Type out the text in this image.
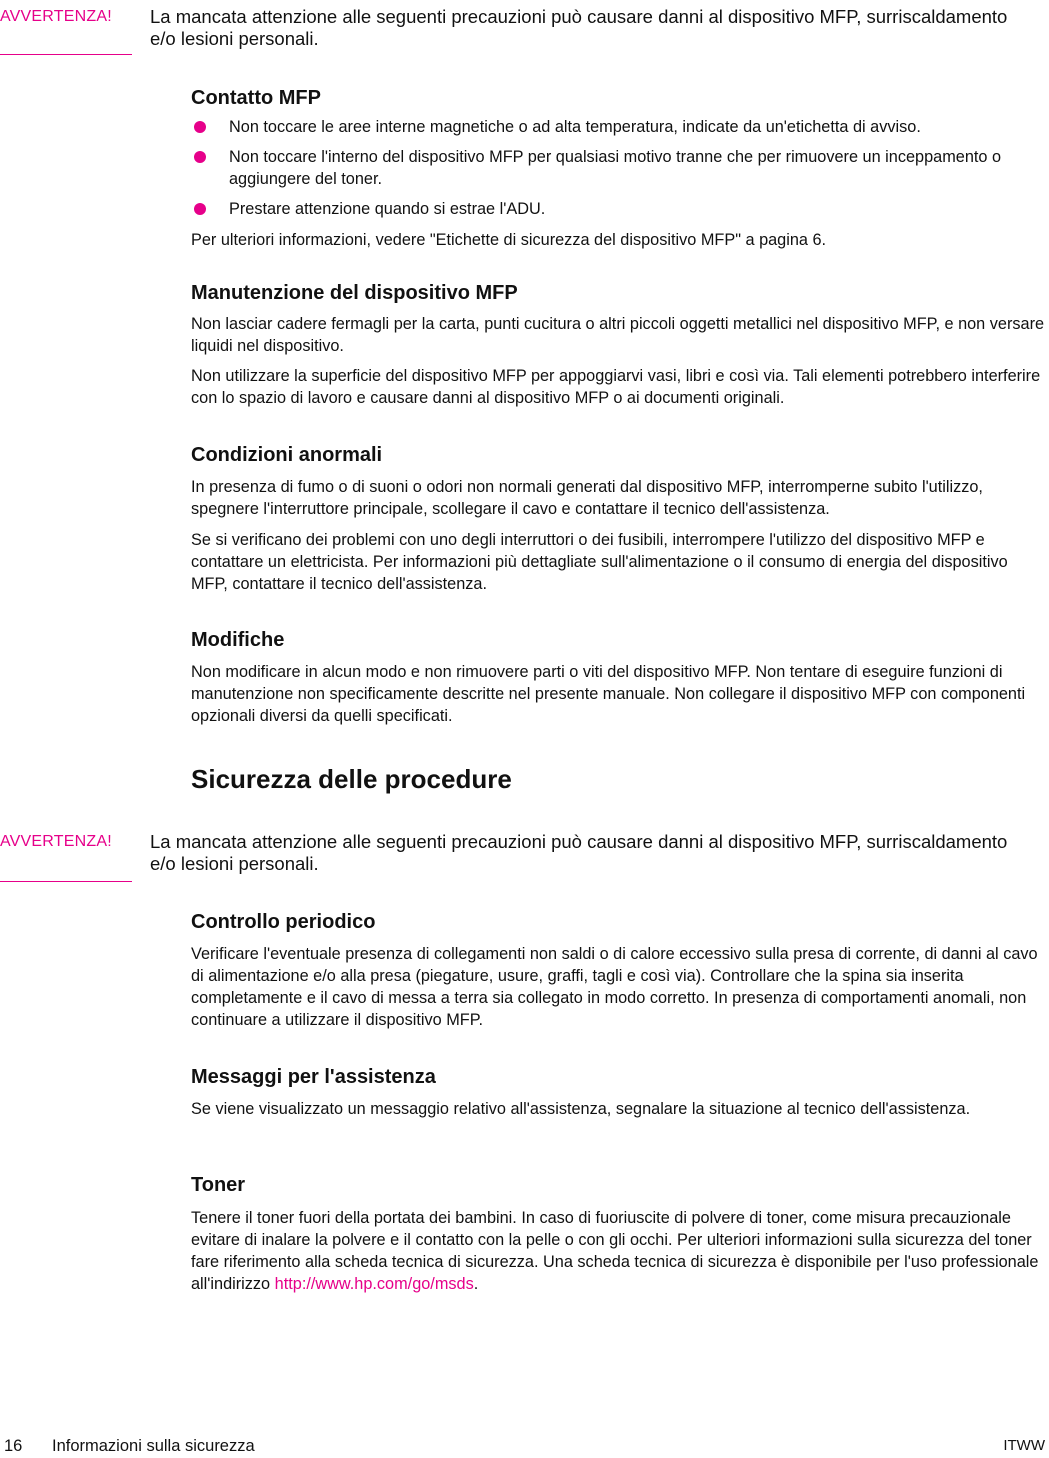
AVVERTENZA!	La mancata attenzione alle seguenti precauzioni può causare danni al dispositivo MFP, surriscaldamento e/o lesioni personali.
Contatto MFP
Non toccare le aree interne magnetiche o ad alta temperatura, indicate da un'etichetta di avviso.
Non toccare l'interno del dispositivo MFP per qualsiasi motivo tranne che per rimuovere un inceppamento o aggiungere del toner.
Prestare attenzione quando si estrae l'ADU.

Per ulteriori informazioni, vedere "Etichette di sicurezza del dispositivo MFP" a pagina 6.

Manutenzione del dispositivo MFP

Non lasciar cadere fermagli per la carta, punti cucitura o altri piccoli oggetti metallici nel dispositivo MFP, e non versare liquidi nel dispositivo.

Non utilizzare la superficie del dispositivo MFP per appoggiarvi vasi, libri e così via. Tali elementi potrebbero interferire con lo spazio di lavoro e causare danni al dispositivo MFP o ai documenti originali.

Condizioni anormali

In presenza di fumo o di suoni o odori non normali generati dal dispositivo MFP, interromperne subito l'utilizzo, spegnere l'interruttore principale, scollegare il cavo e contattare il tecnico dell'assistenza.

Se si verificano dei problemi con uno degli interruttori o dei fusibili, interrompere l'utilizzo del dispositivo MFP e contattare un elettricista. Per informazioni più dettagliate sull'alimentazione o il consumo di energia del dispositivo MFP, contattare il tecnico dell'assistenza.

Modifiche

Non modificare in alcun modo e non rimuovere parti o viti del dispositivo MFP. Non tentare di eseguire funzioni di manutenzione non specificamente descritte nel presente manuale. Non collegare il dispositivo MFP con componenti opzionali diversi da quelli specificati.

Sicurezza delle procedure
AVVERTENZA!	La mancata attenzione alle seguenti precauzioni può causare danni al dispositivo MFP, surriscaldamento e/o lesioni personali.
Controllo periodico

Verificare l'eventuale presenza di collegamenti non saldi o di calore eccessivo sulla presa di corrente, di danni al cavo di alimentazione e/o alla presa (piegature, usure, graffi, tagli e così via). Controllare che la spina sia inserita completamente e il cavo di messa a terra sia collegato in modo corretto. In presenza di comportamenti anomali, non continuare a utilizzare il dispositivo MFP.

Messaggi per l'assistenza

Se viene visualizzato un messaggio relativo all'assistenza, segnalare la situazione al tecnico dell'assistenza.

Toner

Tenere il toner fuori della portata dei bambini. In caso di fuoriuscite di polvere di toner, come misura precauzionale evitare di inalare la polvere e il contatto con la pelle o con gli occhi. Per ulteriori informazioni sulla sicurezza del toner fare riferimento alla scheda tecnica di sicurezza. Una scheda tecnica di sicurezza è disponibile per l'uso professionale all'indirizzo http://www.hp.com/go/msds.

16 Informazioni sulla sicurezza	ITWW
